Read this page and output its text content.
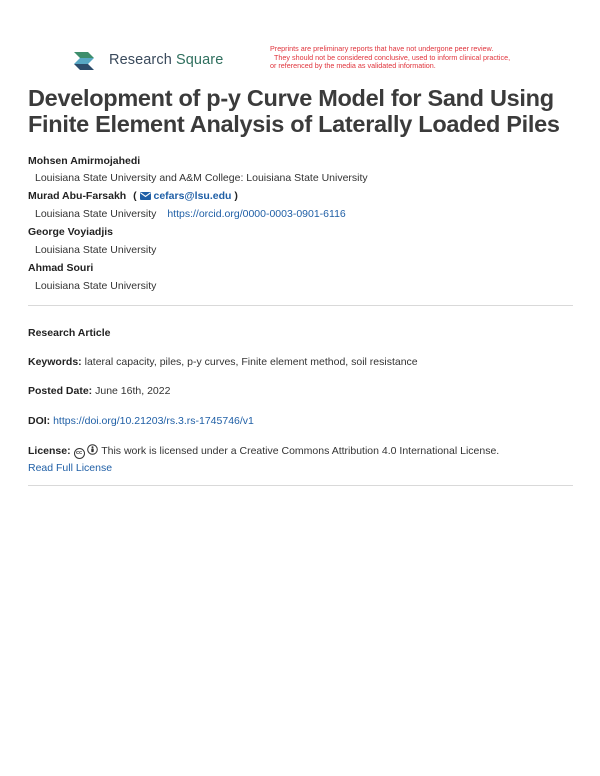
Research Square
Preprints are preliminary reports that have not undergone peer review.
They should not be considered conclusive, used to inform clinical practice,
or referenced by the media as validated information.
Development of p-y Curve Model for Sand Using
Finite Element Analysis of Laterally Loaded Piles
Mohsen Amirmojahedi
Louisiana State University and A&M College: Louisiana State University
Murad Abu-Farsakh ( cefars@lsu.edu )
Louisiana State University https://orcid.org/0000-0003-0901-6116
George Voyiadjis
Louisiana State University
Ahmad Souri
Louisiana State University
Research Article
Keywords: lateral capacity, piles, p-y curves, Finite element method, soil resistance
Posted Date: June 16th, 2022
DOI: https://doi.org/10.21203/rs.3.rs-1745746/v1
License: cc This work is licensed under a Creative Commons Attribution 4.0 International License.
Read Full License
